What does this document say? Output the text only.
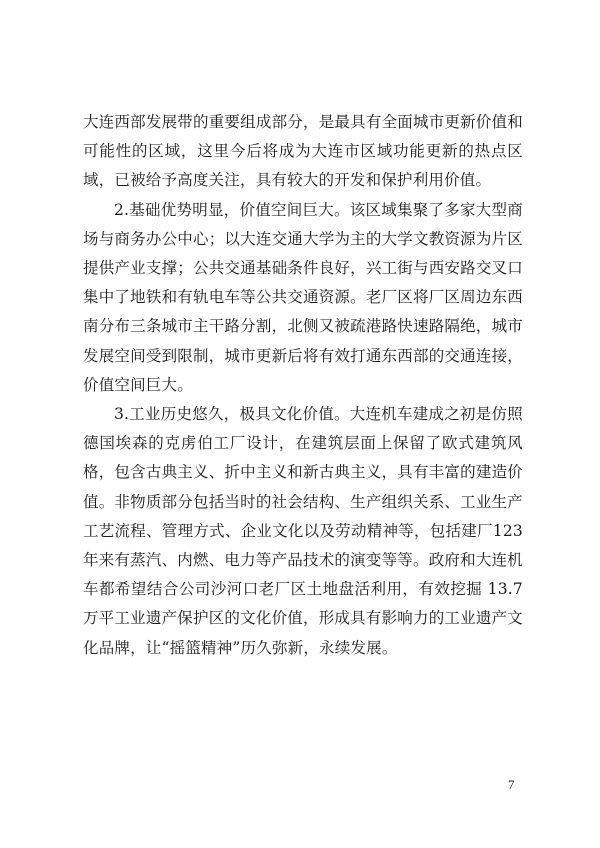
大连西部发展带的重要组成部分，是最具有全面城市更新价值和可能性的区域，这里今后将成为大连市区域功能更新的热点区域，已被给予高度关注，具有较大的开发和保护利用价值。

2.基础优势明显，价值空间巨大。该区域集聚了多家大型商场与商务办公中心；以大连交通大学为主的大学文教资源为片区提供产业支撑；公共交通基础条件良好，兴工街与西安路交叉口集中了地铁和有轨电车等公共交通资源。老厂区将厂区周边东西南分布三条城市主干路分割，北侧又被疏港路快速路隔绝，城市发展空间受到限制，城市更新后将有效打通东西部的交通连接，价值空间巨大。

3.工业历史悠久，极具文化价值。大连机车建成之初是仿照德国埃森的克虏伯工厂设计，在建筑层面上保留了欧式建筑风格，包含古典主义、折中主义和新古典主义，具有丰富的建造价值。非物质部分包括当时的社会结构、生产组织关系、工业生产工艺流程、管理方式、企业文化以及劳动精神等，包括建厂123年来有蒸汽、内燃、电力等产品技术的演变等等。政府和大连机车都希望结合公司沙河口老厂区土地盘活利用，有效挖掘 13.7万平工业遗产保护区的文化价值，形成具有影响力的工业遗产文化品牌，让“摇篮精神”历久弥新，永续发展。

7
